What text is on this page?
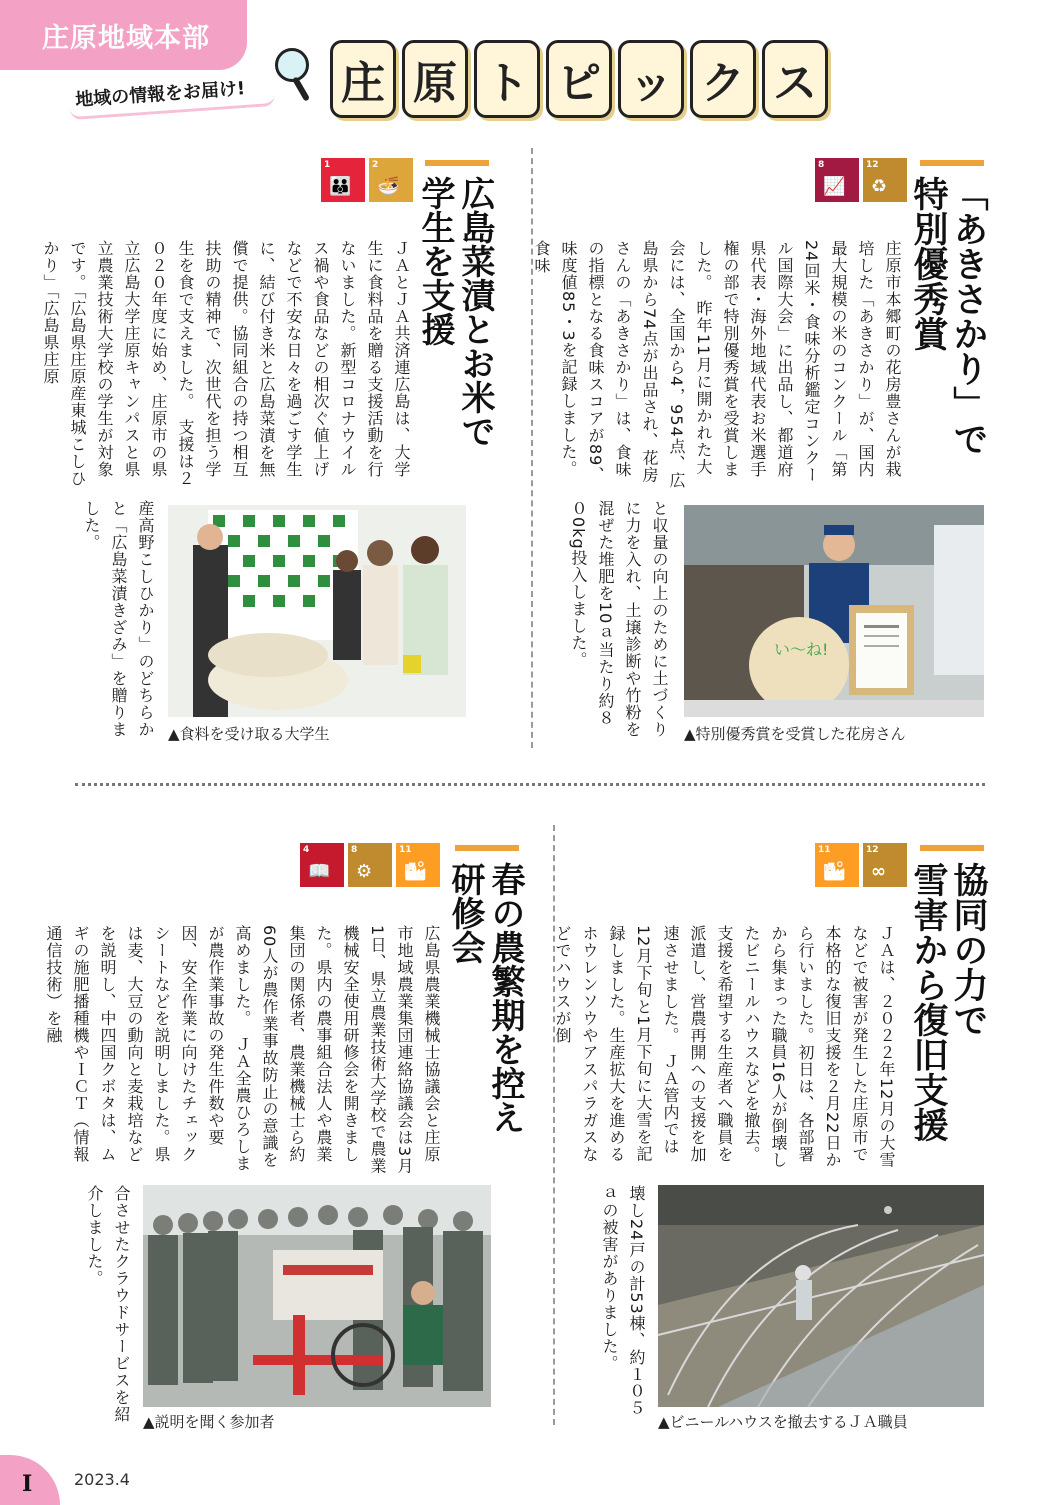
庄原地域本部
地域の情報をお届け! 庄 原 ト ピ ッ ク ス
8
📈
12
♻	「あきさかり」で
特別優秀賞
庄原市本郷町の花房豊さんが栽培した「あきさかり」が、国内最大規模の米のコンクール「第24回米・食味分析鑑定コンクール国際大会」に出品し、都道府県代表・海外地域代表お米選手権の部で特別優秀賞を受賞しました。　昨年11月に開かれた大会には、全国から4，954点、広島県から74点が出品され、花房さんの「あきさかり」は、食味の指標となる食味スコアが89、味度値85・3を記録しました。食味
と収量の向上のために土づくりに力を入れ、土壌診断や竹粉を混ぜた堆肥を10ａ当たり約８０0kg投入しました。	い〜ね!
▲特別優秀賞を受賞した花房さん
1
👪
2
🍜	広島菜漬とお米で
学生を支援
ＪＡとＪＡ共済連広島は、大学生に食料品を贈る支援活動を行ないました。新型コロナウイルス禍や食品などの相次ぐ値上げなどで不安な日々を過ごす学生に、結び付き米と広島菜漬を無償で提供。協同組合の持つ相互扶助の精神で、次世代を担う学生を食で支えました。　支援は２０２０年度に始め、庄原市の県立広島大学庄原キャンパスと県立農業技術大学校の学生が対象です。「広島県庄原産東城こしひかり」「広島県庄原
産高野こしひかり」のどちらかと「広島菜漬きざみ」を贈りました。
▲食料を受け取る大学生
11
🏙
12
∞	協同の力で
雪害から復旧支援
ＪＡは、２０２２年12月の大雪などで被害が発生した庄原市で本格的な復旧支援を２月22日から行いました。初日は、各部署から集まった職員16人が倒壊したビニールハウスなどを撤去。支援を希望する生産者へ職員を派遣し、営農再開への支援を加速させました。　ＪＡ管内では12月下旬と1月下旬に大雪を記録しました。生産拡大を進めるホウレンソウやアスパラガスなどでハウスが倒
壊し24戸の計53棟、約１０５ａの被害がありました。
▲ビニールハウスを撤去するＪＡ職員
4
📖
8
⚙
11
🏙	春の農繁期を控え
研修会
広島県農業機械士協議会と庄原市地域農業集団連絡協議会は3月1日、県立農業技術大学校で農業機械安全使用研修会を開きました。県内の農事組合法人や農業集団の関係者、農業機械士ら約60人が農作業事故防止の意識を高めました。　ＪＡ全農ひろしまが農作業事故の発生件数や要因、安全作業に向けたチェックシートなどを説明しました。県は麦、大豆の動向と麦栽培などを説明し、中四国クボタは、ムギの施肥播種機やＩＣＴ（情報通信技術）を融
合させたクラウドサービスを紹介しました。
▲説明を聞く参加者
I	2023.4
